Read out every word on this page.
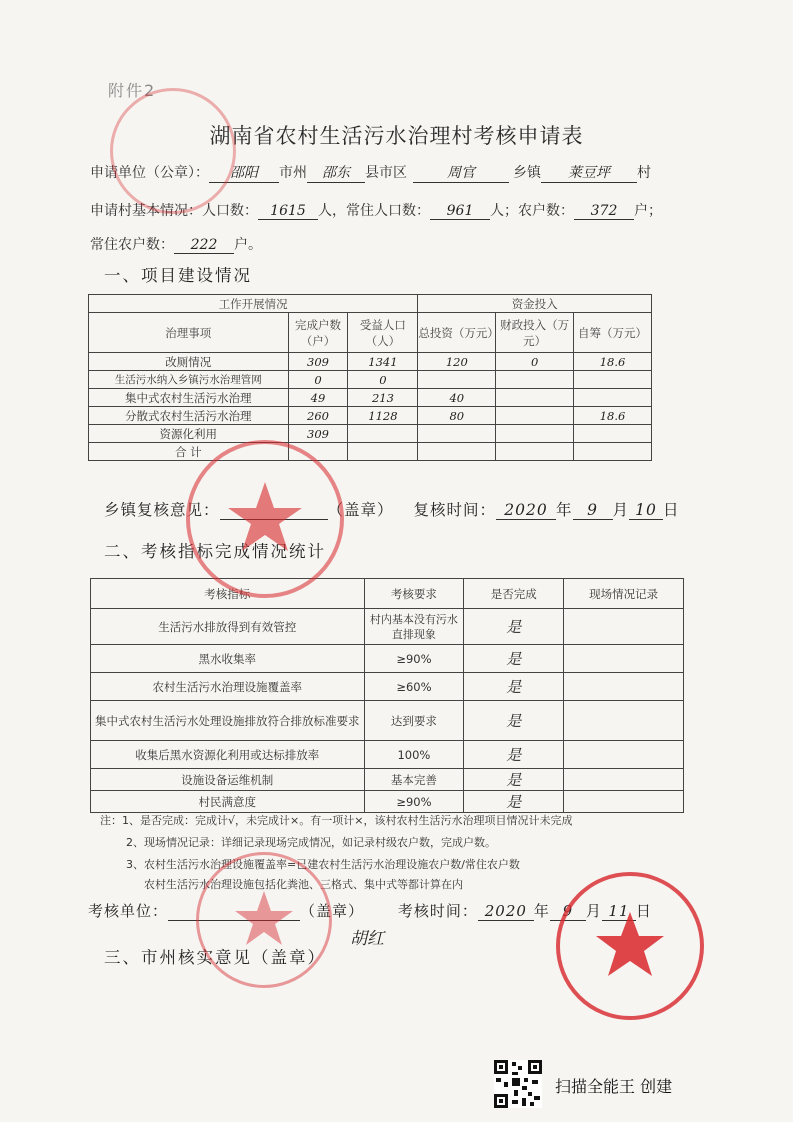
附件2
湖南省农村生活污水治理村考核申请表
申请单位（公章）： 邵阳 市州 邵东 县市区	周官	乡镇 莱豆坪 村
申请村基本情况：人口数： 1615 人，常住人口数： 961 人；农户数： 372 户；
常住农户数： 222 户。
一、项目建设情况
工作开展情况			资金投入		
治理事项	完成户数（户）	受益人口（人）	总投资（万元）	财政投入（万元）	自筹（万元）
改厕情况	309	1341	120	0	18.6
生活污水纳入乡镇污水治理管网	0	0			
集中式农村生活污水治理	49	213	40		
分散式农村生活污水治理	260	1128	80		18.6
资源化利用	309				
合 计					
乡镇复核意见：	（盖章） 复核时间： 2020 年 9 月 10 日
二、考核指标完成情况统计
考核指标	考核要求	是否完成	现场情况记录
生活污水排放得到有效管控	村内基本没有污水直排现象	是	
黑水收集率	≥90%	是	
农村生活污水治理设施覆盖率	≥60%	是	
集中式农村生活污水处理设施排放符合排放标准要求	达到要求	是	
收集后黑水资源化利用或达标排放率	100%	是	
设施设备运维机制	基本完善	是	
村民满意度	≥90%	是	
注：1、是否完成：完成计√，未完成计×。有一项计×，该村农村生活污水治理项目情况计未完成
2、现场情况记录：详细记录现场完成情况，如记录村级农户数，完成户数。
3、农村生活污水治理设施覆盖率=已建农村生活污水治理设施农户数/常住农户数
农村生活污水治理设施包括化粪池、三格式、集中式等都计算在内
考核单位：	（盖章） 考核时间： 2020 年 9 月 11 日
胡红
三、市州核实意见（盖章）
扫描全能王 创建
